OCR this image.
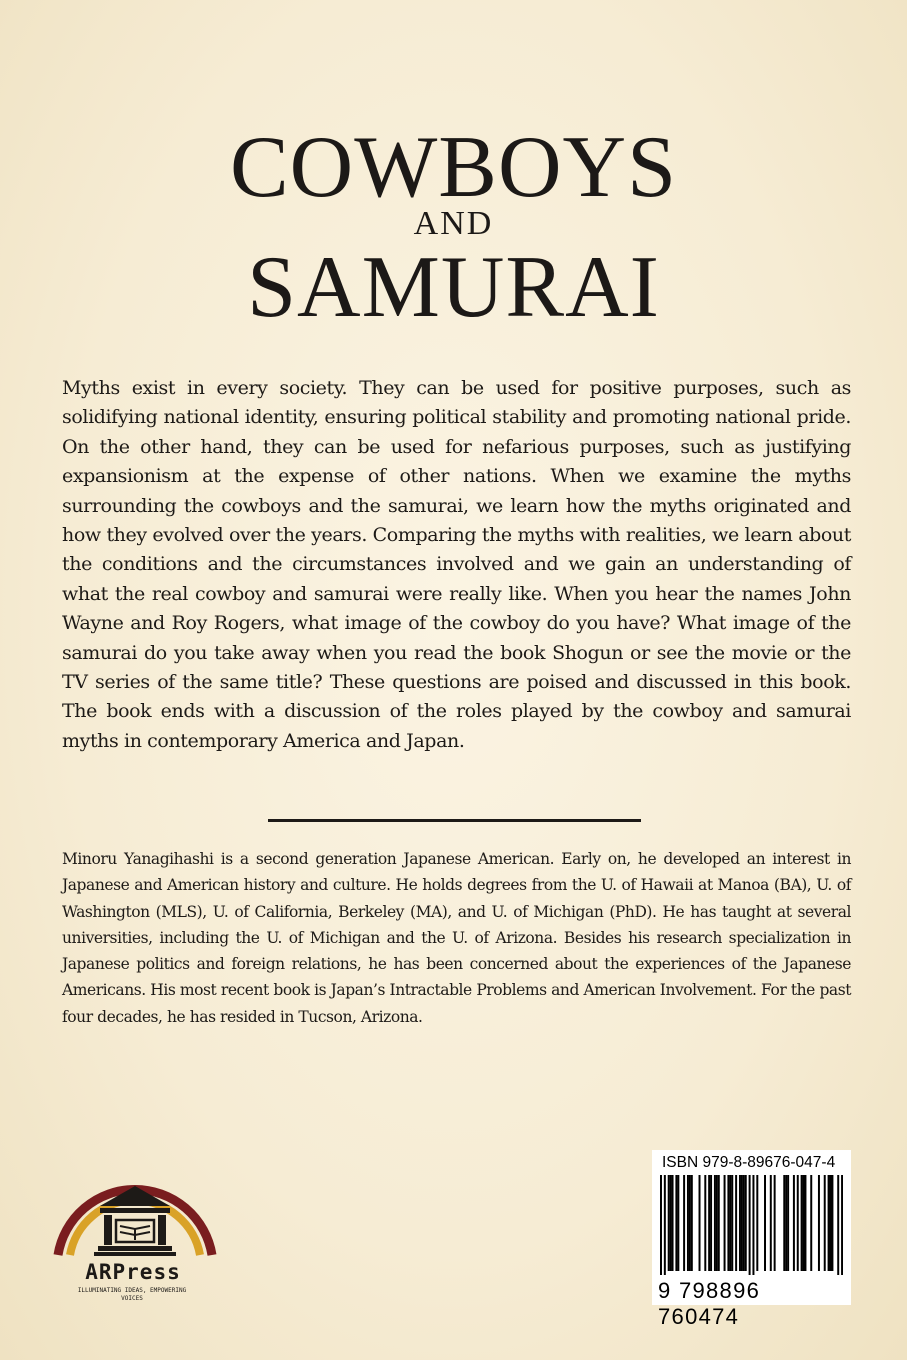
COWBOYS
AND
SAMURAI

Myths exist in every society. They can be used for positive purposes, such as solidifying national identity, ensuring political stability and promoting national pride. On the other hand, they can be used for nefarious purposes, such as justifying expansionism at the expense of other nations. When we examine the myths surrounding the cowboys and the samurai, we learn how the myths originated and how they evolved over the years. Comparing the myths with realities, we learn about the conditions and the circumstances involved and we gain an understanding of what the real cowboy and samurai were really like. When you hear the names John Wayne and Roy Rogers, what image of the cowboy do you have? What image of the samurai do you take away when you read the book Shogun or see the movie or the TV series of the same title? These questions are poised and discussed in this book. The book ends with a discussion of the roles played by the cowboy and samurai myths in contemporary America and Japan.

Minoru Yanagihashi is a second generation Japanese American. Early on, he developed an interest in Japanese and American history and culture. He holds degrees from the U. of Hawaii at Manoa (BA), U. of Washington (MLS), U. of California, Berkeley (MA), and U. of Michigan (PhD). He has taught at several universities, including the U. of Michigan and the U. of Arizona. Besides his research specialization in Japanese politics and foreign relations, he has been concerned about the experiences of the Japanese Americans. His most recent book is Japan’s Intractable Problems and American Involvement. For the past four decades, he has resided in Tucson, Arizona.

ARPress
ILLUMINATING IDEAS, EMPOWERING VOICES
ISBN 979-8-89676-047-4
9 798896 760474
